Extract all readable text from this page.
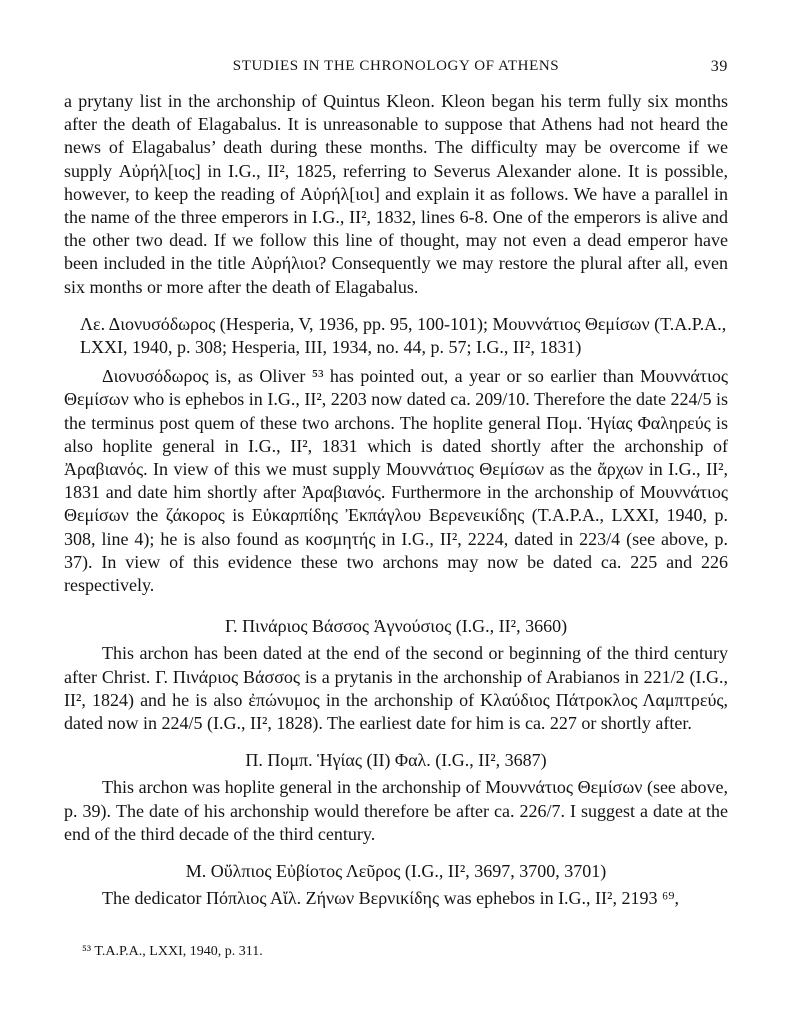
STUDIES IN THE CHRONOLOGY OF ATHENS	39

a prytany list in the archonship of Quintus Kleon. Kleon began his term fully six months after the death of Elagabalus. It is unreasonable to suppose that Athens had not heard the news of Elagabalus’ death during these months. The difficulty may be overcome if we supply Αὐρήλ[ιος] in I.G., II², 1825, referring to Severus Alexander alone. It is possible, however, to keep the reading of Αὐρήλ[ιοι] and explain it as follows. We have a parallel in the name of the three emperors in I.G., II², 1832, lines 6-8. One of the emperors is alive and the other two dead. If we follow this line of thought, may not even a dead emperor have been included in the title Αὐρήλιοι? Consequently we may restore the plural after all, even six months or more after the death of Elagabalus.

Λε. Διονυσόδωρος (Hesperia, V, 1936, pp. 95, 100-101); Μουννάτιος Θεμίσων (T.A.P.A., LXXI, 1940, p. 308; Hesperia, III, 1934, no. 44, p. 57; I.G., II², 1831)

Διονυσόδωρος is, as Oliver ⁵³ has pointed out, a year or so earlier than Μουννάτιος Θεμίσων who is ephebos in I.G., II², 2203 now dated ca. 209/10. Therefore the date 224/5 is the terminus post quem of these two archons. The hoplite general Πομ. Ἡγίας Φαληρεύς is also hoplite general in I.G., II², 1831 which is dated shortly after the archonship of Ἀραβιανός. In view of this we must supply Μουννάτιος Θεμίσων as the ἄρχων in I.G., II², 1831 and date him shortly after Ἀραβιανός. Furthermore in the archonship of Μουννάτιος Θεμίσων the ζάκορος is Εὐκαρπίδης Ἐκπάγλου Βερενεικίδης (T.A.P.A., LXXI, 1940, p. 308, line 4); he is also found as κοσμητής in I.G., II², 2224, dated in 223/4 (see above, p. 37). In view of this evidence these two archons may now be dated ca. 225 and 226 respectively.

Γ. Πινάριος Βάσσος Ἁγνούσιος (I.G., II², 3660)

This archon has been dated at the end of the second or beginning of the third century after Christ. Γ. Πινάριος Βάσσος is a prytanis in the archonship of Arabianos in 221/2 (I.G., II², 1824) and he is also ἐπώνυμος in the archonship of Κλαύδιος Πάτροκλος Λαμπτρεύς, dated now in 224/5 (I.G., II², 1828). The earliest date for him is ca. 227 or shortly after.

Π. Πομπ. Ἡγίας (II) Φαλ. (I.G., II², 3687)

This archon was hoplite general in the archonship of Μουννάτιος Θεμίσων (see above, p. 39). The date of his archonship would therefore be after ca. 226/7. I suggest a date at the end of the third decade of the third century.

Μ. Οὔλπιος Εὐβίοτος Λεῦρος (I.G., II², 3697, 3700, 3701)

The dedicator Πόπλιος Αἴλ. Ζήνων Βερνικίδης was ephebos in I.G., II², 2193 ⁶⁹,

⁵³ T.A.P.A., LXXI, 1940, p. 311.
